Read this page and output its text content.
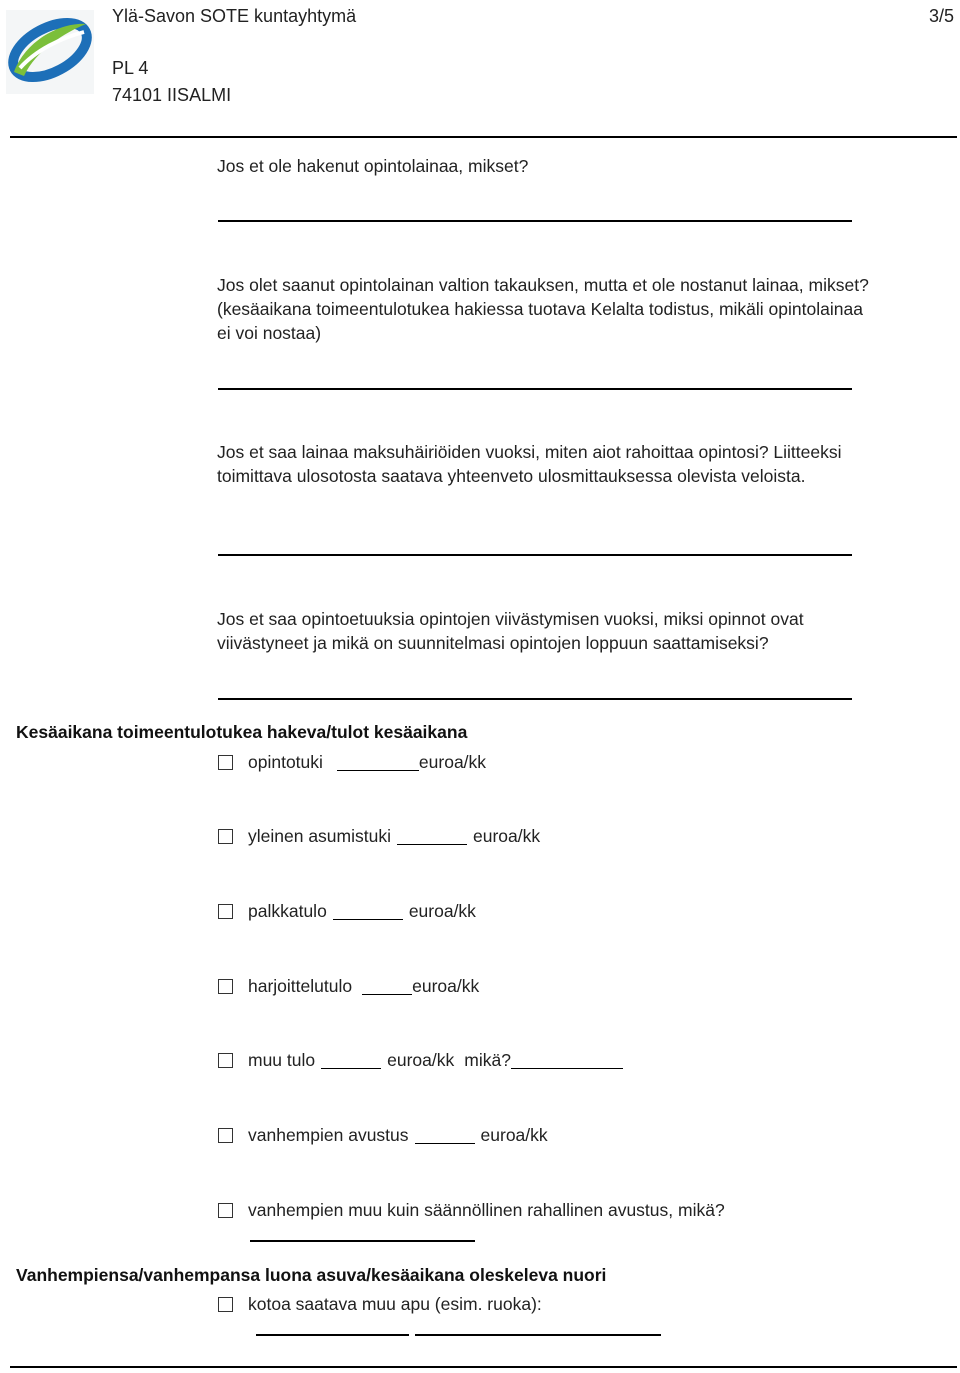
Ylä-Savon SOTE kuntayhtymä	3/5
PL 4
74101 IISALMI
Jos et ole hakenut opintolainaa, mikset?
Jos olet saanut opintolainan valtion takauksen, mutta et ole nostanut lainaa, mikset? (kesäaikana toimeentulotukea hakiessa tuotava Kelalta todistus, mikäli opintolainaa ei voi nostaa)
Jos et saa lainaa maksuhäiriöiden vuoksi, miten aiot rahoittaa opintosi? Liitteeksi toimittava ulosotosta saatava yhteenveto ulosmittauksessa olevista veloista.
Jos et saa opintoetuuksia opintojen viivästymisen vuoksi, miksi opinnot ovat viivästyneet ja mikä on suunnitelmasi opintojen loppuun saattamiseksi?
Kesäaikana toimeentulotukea hakeva/tulot kesäaikana
opintotuki	euroa/kk
yleinen asumistuki	euroa/kk
palkkatulo	euroa/kk
harjoittelutulo	euroa/kk
muu tulo	euroa/kk mikä?
vanhempien avustus	euroa/kk
vanhempien muu kuin säännöllinen rahallinen avustus, mikä?
Vanhempiensa/vanhempansa luona asuva/kesäaikana oleskeleva nuori
kotoa saatava muu apu (esim. ruoka):
